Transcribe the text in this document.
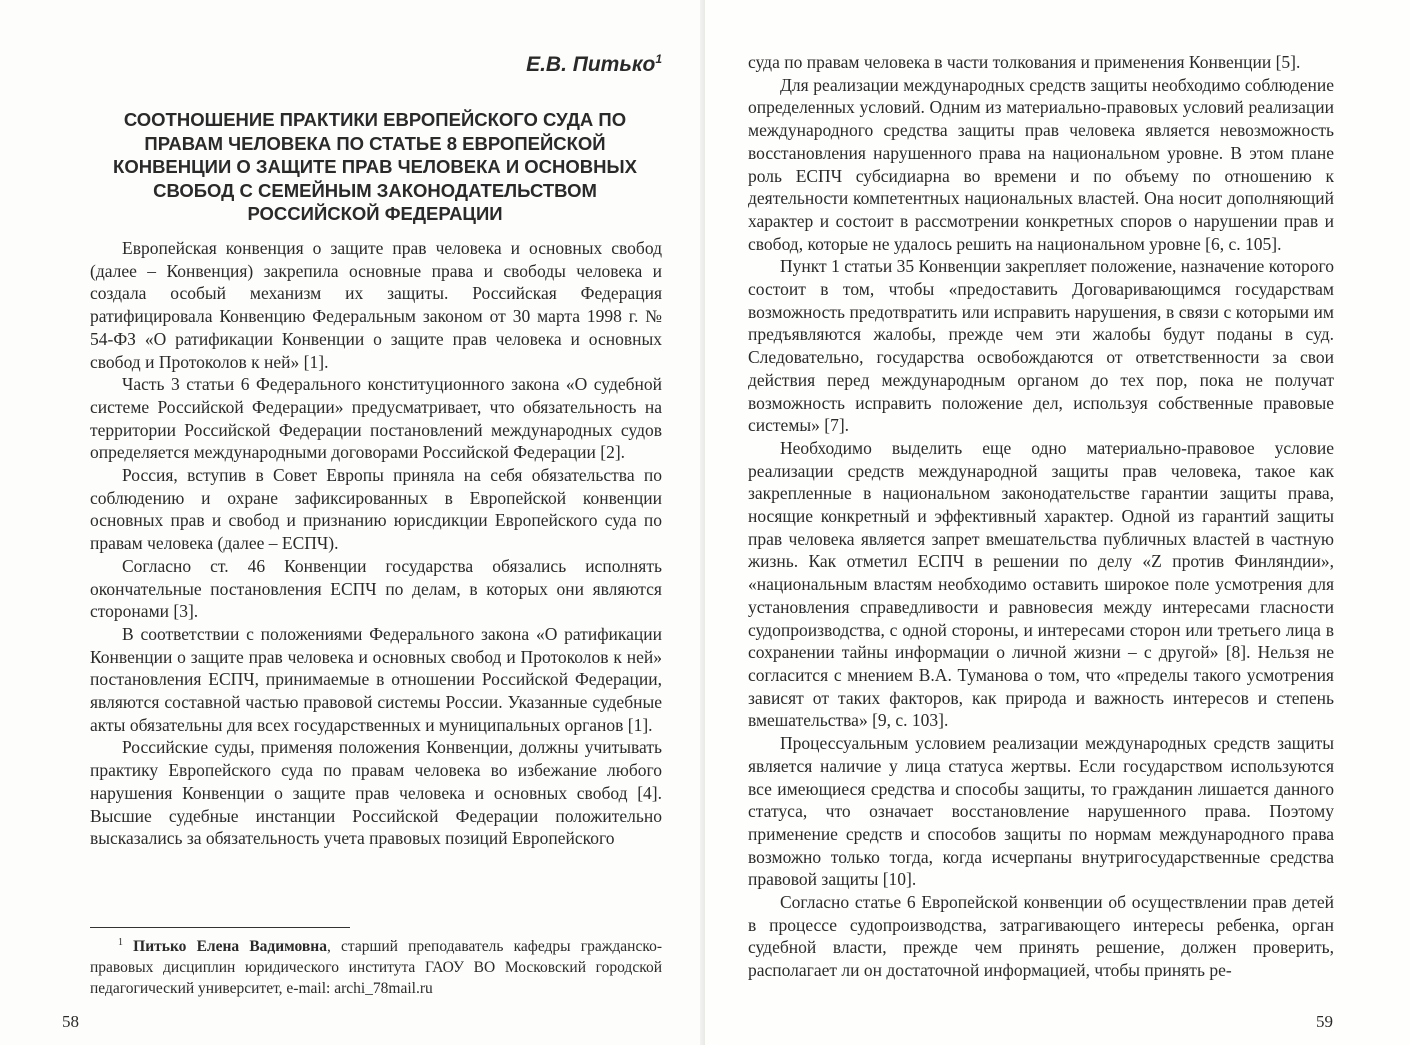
Е.В. Питько$^1$
СООТНОШЕНИЕ ПРАКТИКИ ЕВРОПЕЙСКОГО СУДА ПО ПРАВАМ ЧЕЛОВЕКА ПО СТАТЬЕ 8 ЕВРОПЕЙСКОЙ КОНВЕНЦИИ О ЗАЩИТЕ ПРАВ ЧЕЛОВЕКА И ОСНОВНЫХ СВОБОД С СЕМЕЙНЫМ ЗАКОНОДАТЕЛЬСТВОМ РОССИЙСКОЙ ФЕДЕРАЦИИ

Европейская конвенция о защите прав человека и основных свобод (далее – Конвенция) закрепила основные права и свободы человека и создала особый механизм их защиты. Российская Федерация ратифицировала Конвенцию Федеральным законом от 30 марта 1998 г. № 54-ФЗ «О ратификации Конвенции о защите прав человека и основных свобод и Протоколов к ней» [1].

Часть 3 статьи 6 Федерального конституционного закона «О судебной системе Российской Федерации» предусматривает, что обязательность на территории Российской Федерации постановлений международных судов определяется международными договорами Российской Федерации [2].

Россия, вступив в Совет Европы приняла на себя обязательства по соблюдению и охране зафиксированных в Европейской конвенции основных прав и свобод и признанию юрисдикции Европейского суда по правам человека (далее – ЕСПЧ).

Согласно ст. 46 Конвенции государства обязались исполнять окончательные постановления ЕСПЧ по делам, в которых они являются сторонами [3].

В соответствии с положениями Федерального закона «О ратификации Конвенции о защите прав человека и основных свобод и Протоколов к ней» постановления ЕСПЧ, принимаемые в отношении Российской Федерации, являются составной частью правовой системы России. Указанные судебные акты обязательны для всех государственных и муниципальных органов [1].

Российские суды, применяя положения Конвенции, должны учитывать практику Европейского суда по правам человека во избежание любого нарушения Конвенции о защите прав человека и основных свобод [4]. Высшие судебные инстанции Российской Федерации положительно высказались за обязательность учета правовых позиций Европейского

$^1$ Питько Елена Вадимовна, старший преподаватель кафедры гражданско-правовых дисциплин юридического института ГАОУ ВО Московский городской педагогический университет, e-mail: archi_78mail.ru
58

суда по правам человека в части толкования и применения Конвенции [5].

Для реализации международных средств защиты необходимо соблюдение определенных условий. Одним из материально-правовых условий реализации международного средства защиты прав человека является невозможность восстановления нарушенного права на национальном уровне. В этом плане роль ЕСПЧ субсидиарна во времени и по объему по отношению к деятельности компетентных национальных властей. Она носит дополняющий характер и состоит в рассмотрении конкретных споров о нарушении прав и свобод, которые не удалось решить на национальном уровне [6, с. 105].

Пункт 1 статьи 35 Конвенции закрепляет положение, назначение которого состоит в том, чтобы «предоставить Договаривающимся государствам возможность предотвратить или исправить нарушения, в связи с которыми им предъявляются жалобы, прежде чем эти жалобы будут поданы в суд. Следовательно, государства освобождаются от ответственности за свои действия перед международным органом до тех пор, пока не получат возможность исправить положение дел, используя собственные правовые системы» [7].

Необходимо выделить еще одно материально-правовое условие реализации средств международной защиты прав человека, такое как закрепленные в национальном законодательстве гарантии защиты права, носящие конкретный и эффективный характер. Одной из гарантий защиты прав человека является запрет вмешательства публичных властей в частную жизнь. Как отметил ЕСПЧ в решении по делу «Z против Финляндии», «национальным властям необходимо оставить широкое поле усмотрения для установления справедливости и равновесия между интересами гласности судопроизводства, с одной стороны, и интересами сторон или третьего лица в сохранении тайны информации о личной жизни – с другой» [8]. Нельзя не согласится с мнением В.А. Туманова о том, что «пределы такого усмотрения зависят от таких факторов, как природа и важность интересов и степень вмешательства» [9, с. 103].

Процессуальным условием реализации международных средств защиты является наличие у лица статуса жертвы. Если государством используются все имеющиеся средства и способы защиты, то гражданин лишается данного статуса, что означает восстановление нарушенного права. Поэтому применение средств и способов защиты по нормам международного права возможно только тогда, когда исчерпаны внутригосударственные средства правовой защиты [10].

Согласно статье 6 Европейской конвенции об осуществлении прав детей в процессе судопроизводства, затрагивающего интересы ребенка, орган судебной власти, прежде чем принять решение, должен проверить, располагает ли он достаточной информацией, чтобы принять ре-

59
